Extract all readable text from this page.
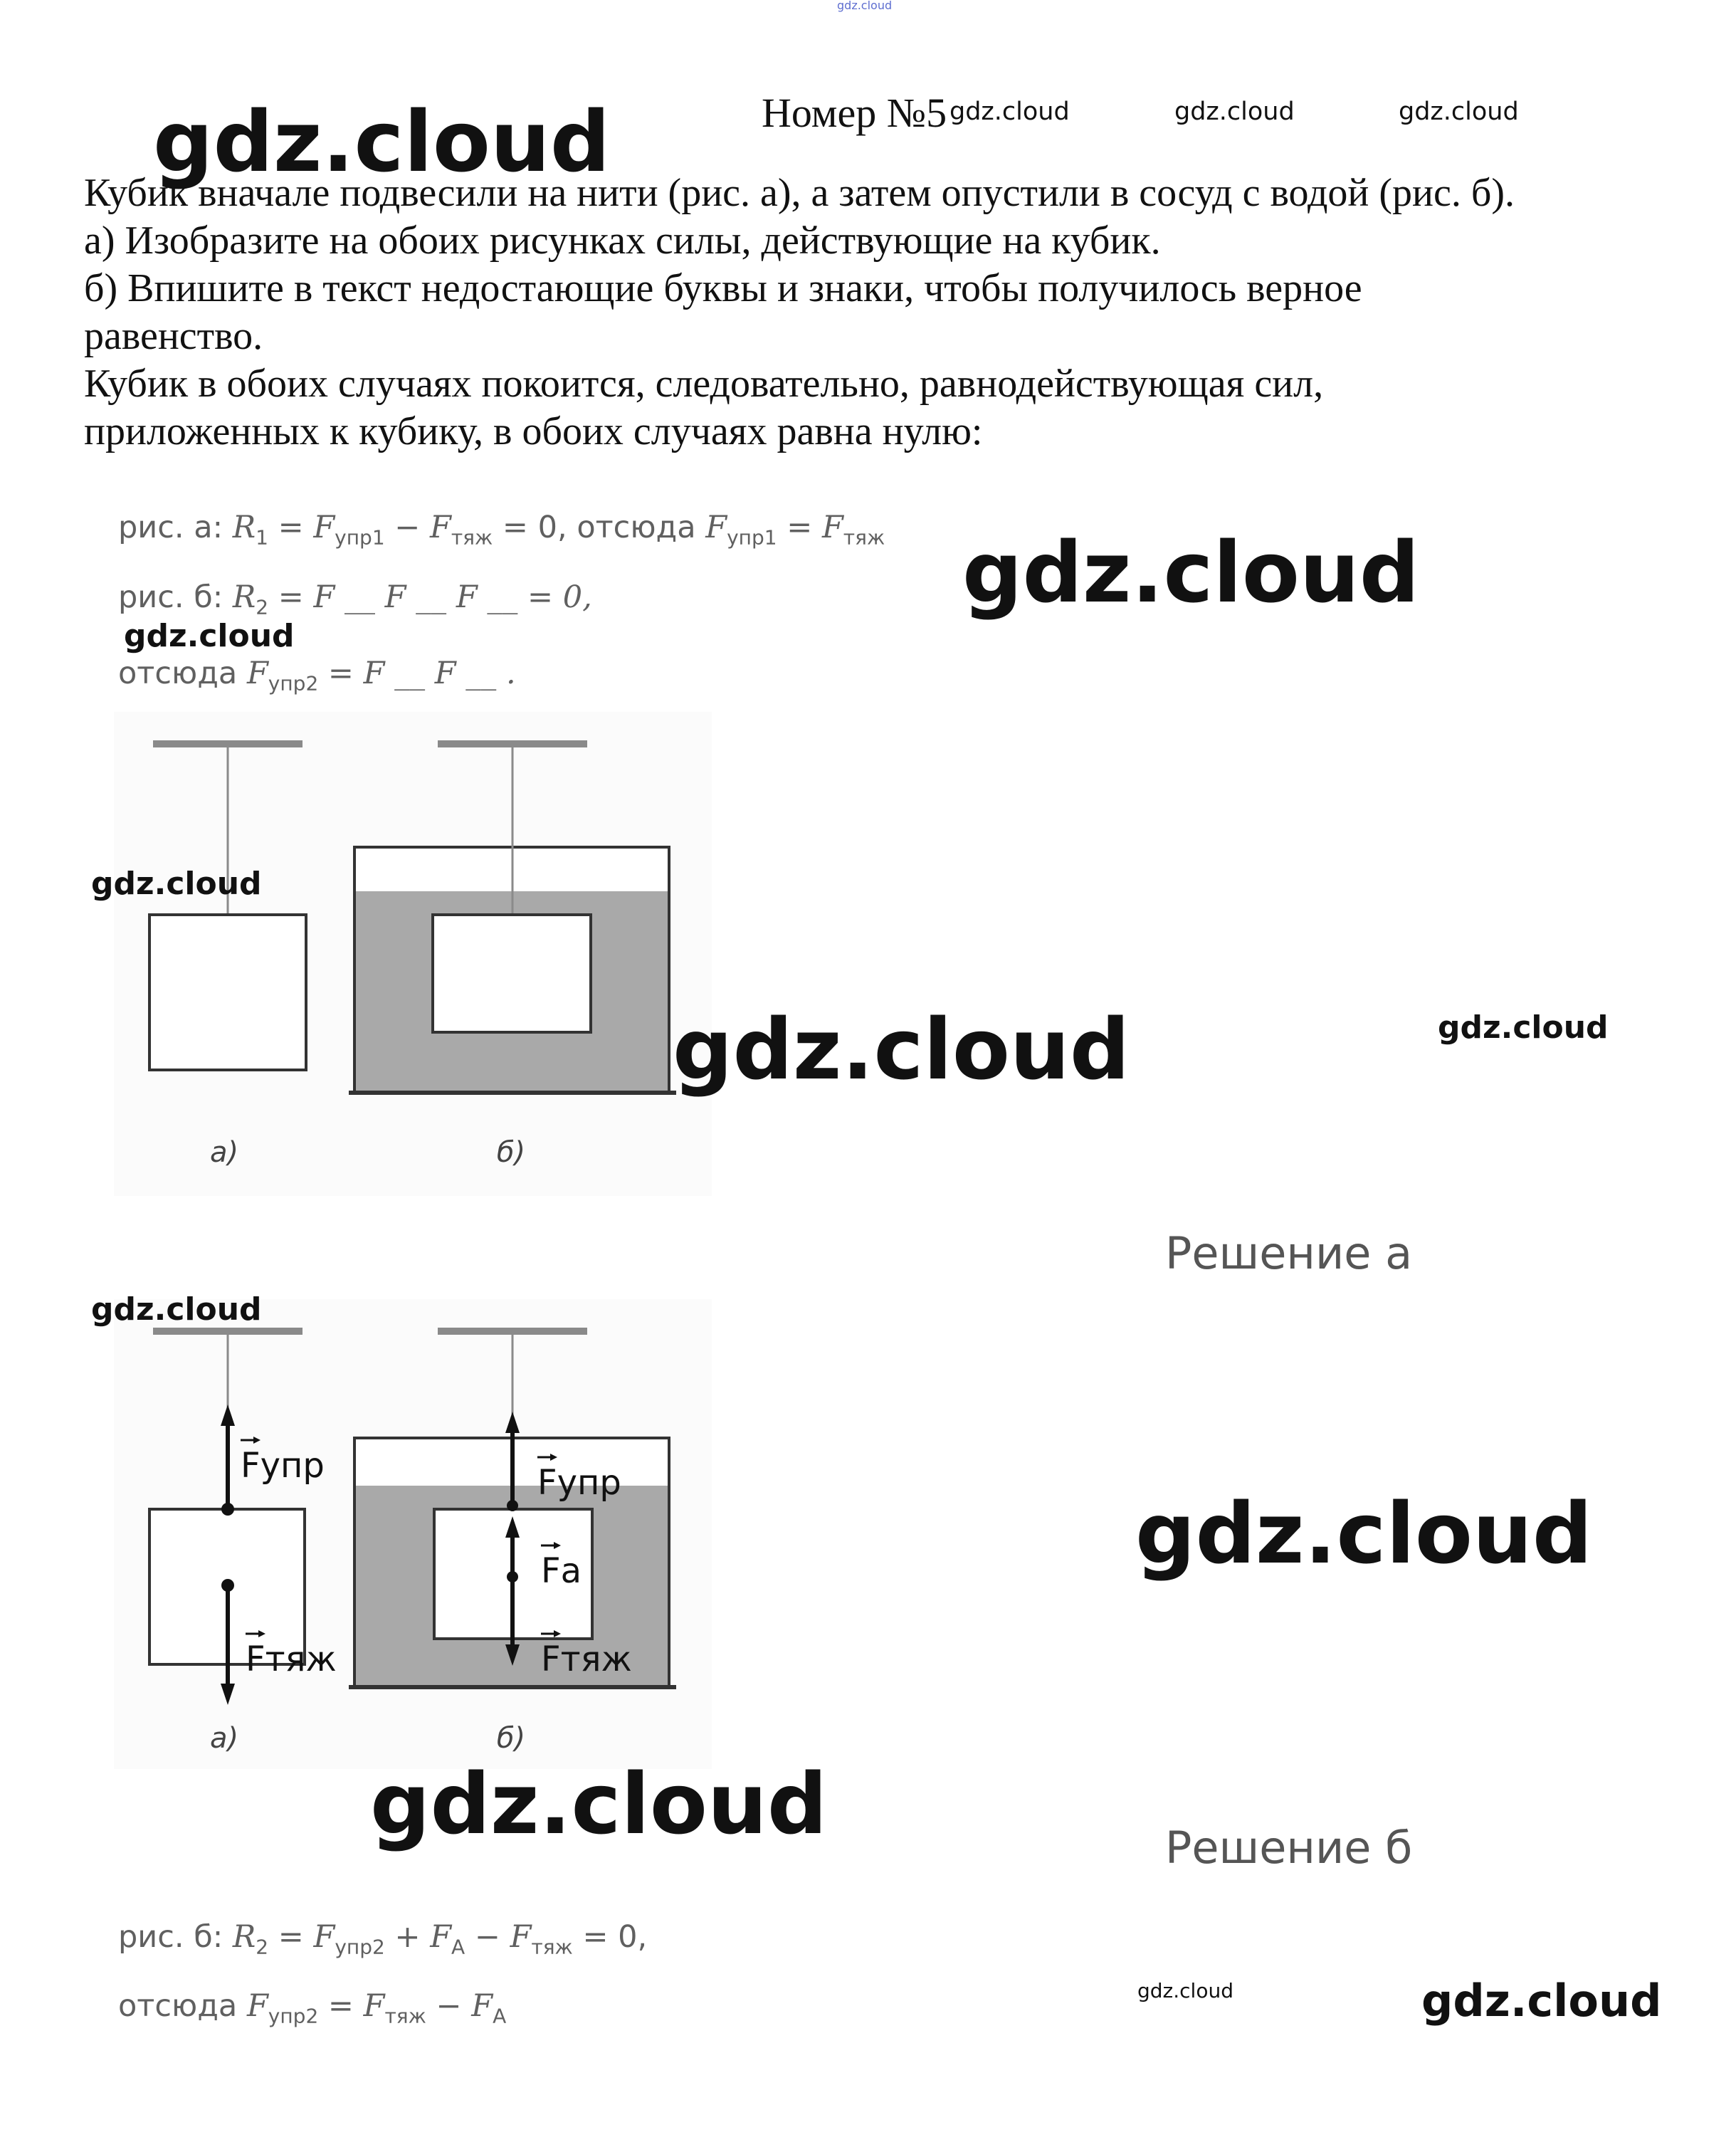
gdz.cloud
gdz.cloud	gdz.cloud	gdz.cloud	gdz.cloud
Номер №5

Кубик вначале подвесили на нити (рис. а), а затем опустили в сосуд с водой (рис. б).

а) Изобразите на обоих рисунках силы, действующие на кубик.

б) Впишите в текст недостающие буквы и знаки, чтобы получилось верное равенство.

Кубик в обоих случаях покоится, следовательно, равнодействующая сил, приложенных к кубику, в обоих случаях равна нулю:

рис. а: $R_1 = F_{упр1} - F_{тяж} = 0$, отсюда $F_{упр1} = F_{тяж}$
рис. б: $R_2 = F$ __ F __ F __ = 0,
отсюда $F_{упр2} = F$ __ F __ .
gdz.cloud
gdz.cloud
а)	б)
gdz.cloud
gdz.cloud	gdz.cloud
Решение а
Fупр
Fтяж
Fупр
Fа
Fтяж
а)	б)
gdz.cloud
gdz.cloud
gdz.cloud	Решение б
рис. б: $R_2 = F_{упр2} + F_A - F_{тяж} = 0$,
отсюда $F_{упр2} = F_{тяж} - F_A$
gdz.cloud	gdz.cloud
